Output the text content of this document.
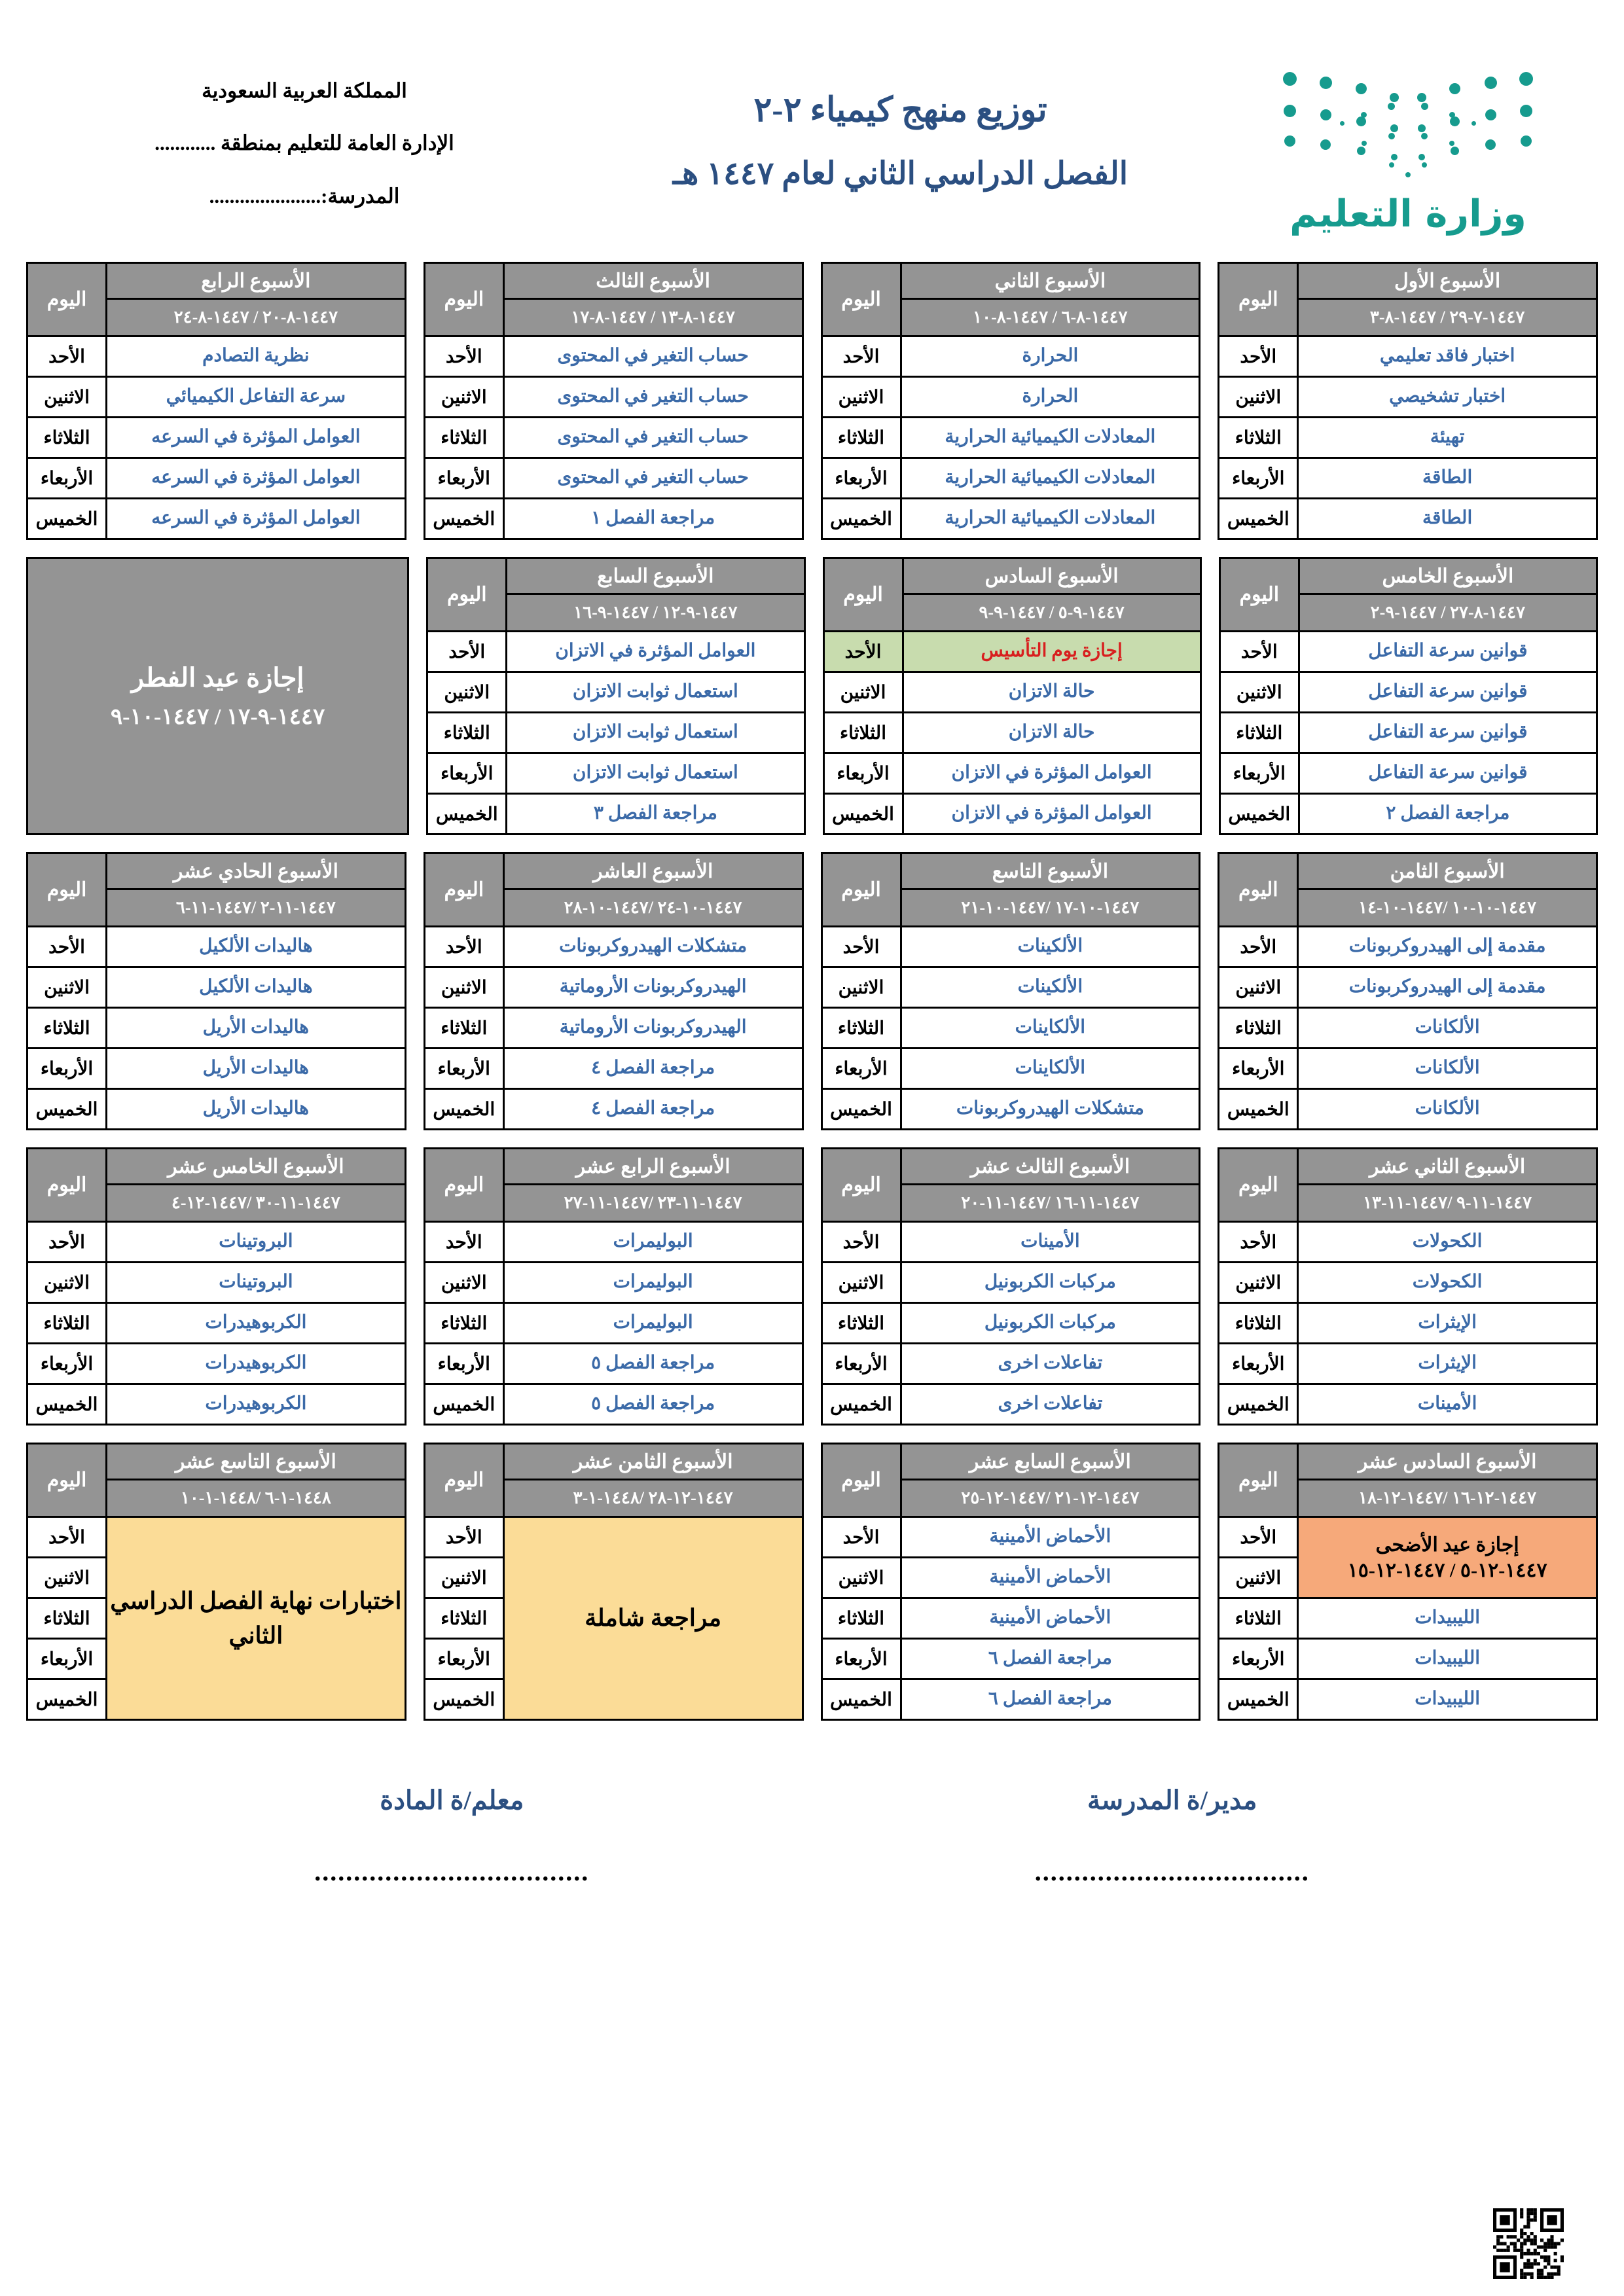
المملكة العربية السعودية
الإدارة العامة للتعليم بمنطقة ............
المدرسة:......................
توزيع منهج كيمياء ٢-٢
الفصل الدراسي الثاني لعام ١٤٤٧ هـ
وزارة التعليم
الأسبوع الأول	اليوم
١٤٤٧-٧-٢٩ / ١٤٤٧-٨-٣	
اختبار فاقد تعليمي	الأحد
اختبار تشخيصي	الاثنين
تهيئة	الثلاثاء
الطاقة	الأربعاء
الطاقة	الخميس
الأسبوع الثاني	اليوم
١٤٤٧-٨-٦ / ١٤٤٧-٨-١٠	
الحرارة	الأحد
الحرارة	الاثنين
المعادلات الكيميائية الحرارية	الثلاثاء
المعادلات الكيميائية الحرارية	الأربعاء
المعادلات الكيميائية الحرارية	الخميس
الأسبوع الثالث	اليوم
١٤٤٧-٨-١٣ / ١٤٤٧-٨-١٧	
حساب التغير في المحتوى	الأحد
حساب التغير في المحتوى	الاثنين
حساب التغير في المحتوى	الثلاثاء
حساب التغير في المحتوى	الأربعاء
مراجعة الفصل ١	الخميس
الأسبوع الرابع	اليوم
١٤٤٧-٨-٢٠ / ١٤٤٧-٨-٢٤	
نظرية التصادم	الأحد
سرعة التفاعل الكيميائي	الاثنين
العوامل المؤثرة في السرعه	الثلاثاء
العوامل المؤثرة في السرعه	الأربعاء
العوامل المؤثرة في السرعه	الخميس
الأسبوع الخامس	اليوم
١٤٤٧-٨-٢٧ / ١٤٤٧-٩-٢	
قوانين سرعة التفاعل	الأحد
قوانين سرعة التفاعل	الاثنين
قوانين سرعة التفاعل	الثلاثاء
قوانين سرعة التفاعل	الأربعاء
مراجعة الفصل ٢	الخميس
الأسبوع السادس	اليوم
١٤٤٧-٩-٥ / ١٤٤٧-٩-٩	
إجازة يوم التأسيس	الأحد
حالة الاتزان	الاثنين
حالة الاتزان	الثلاثاء
العوامل المؤثرة في الاتزان	الأربعاء
العوامل المؤثرة في الاتزان	الخميس
الأسبوع السابع	اليوم
١٤٤٧-٩-١٢ / ١٤٤٧-٩-١٦	
العوامل المؤثرة في الاتزان	الأحد
استعمال ثوابت الاتزان	الاثنين
استعمال ثوابت الاتزان	الثلاثاء
استعمال ثوابت الاتزان	الأربعاء
مراجعة الفصل ٣	الخميس
إجازة عيد الفطر
١٤٤٧-٩-١٧ / ١٤٤٧-١٠-٩
الأسبوع الثامن	اليوم
١٤٤٧-١٠-١٠ /١٤٤٧-١٠-١٤	
مقدمة إلى الهيدروكربونات	الأحد
مقدمة إلى الهيدروكربونات	الاثنين
الألكانات	الثلاثاء
الألكانات	الأربعاء
الألكانات	الخميس
الأسبوع التاسع	اليوم
١٤٤٧-١٠-١٧ /١٤٤٧-١٠-٢١	
الألكينات	الأحد
الألكينات	الاثنين
الألكاينات	الثلاثاء
الألكاينات	الأربعاء
متشكلات الهيدروكربونات	الخميس
الأسبوع العاشر	اليوم
١٤٤٧-١٠-٢٤ /١٤٤٧-١٠-٢٨	
متشكلات الهيدروكربونات	الأحد
الهيدروكربونات الأروماتية	الاثنين
الهيدروكربونات الأروماتية	الثلاثاء
مراجعة الفصل ٤	الأربعاء
مراجعة الفصل ٤	الخميس
الأسبوع الحادي عشر	اليوم
١٤٤٧-١١-٢ /١٤٤٧-١١-٦	
هاليدات الألكيل	الأحد
هاليدات الألكيل	الاثنين
هاليدات الأريل	الثلاثاء
هاليدات الأريل	الأربعاء
هاليدات الأريل	الخميس
الأسبوع الثاني عشر	اليوم
١٤٤٧-١١-٩ /١٤٤٧-١١-١٣	
الكحولات	الأحد
الكحولات	الاثنين
الإيثرات	الثلاثاء
الإيثرات	الأربعاء
الأمينات	الخميس
الأسبوع الثالث عشر	اليوم
١٤٤٧-١١-١٦ /١٤٤٧-١١-٢٠	
الأمينات	الأحد
مركبات الكربونيل	الاثنين
مركبات الكربونيل	الثلاثاء
تفاعلات اخرى	الأربعاء
تفاعلات اخرى	الخميس
الأسبوع الرابع عشر	اليوم
١٤٤٧-١١-٢٣ /١٤٤٧-١١-٢٧	
البوليمرات	الأحد
البوليمرات	الاثنين
البوليمرات	الثلاثاء
مراجعة الفصل ٥	الأربعاء
مراجعة الفصل ٥	الخميس
الأسبوع الخامس عشر	اليوم
١٤٤٧-١١-٣٠ /١٤٤٧-١٢-٤	
البروتينات	الأحد
البروتينات	الاثنين
الكربوهيدرات	الثلاثاء
الكربوهيدرات	الأربعاء
الكربوهيدرات	الخميس
الأسبوع السادس عشر	اليوم
١٤٤٧-١٢-١٦ /١٤٤٧-١٢-١٨	
إجازة عيد الأضحى
١٤٤٧-١٢-٥ / ١٤٤٧-١٢-١٥	الأحد
	الاثنين
الليبيدات	الثلاثاء
الليبيدات	الأربعاء
الليبيدات	الخميس
الأسبوع السابع عشر	اليوم
١٤٤٧-١٢-٢١ /١٤٤٧-١٢-٢٥	
الأحماض الأمينية	الأحد
الأحماض الأمينية	الاثنين
الأحماض الأمينية	الثلاثاء
مراجعة الفصل ٦	الأربعاء
مراجعة الفصل ٦	الخميس
الأسبوع الثامن عشر	اليوم
١٤٤٧-١٢-٢٨ /١٤٤٨-١-٣	
مراجعة شاملة	الأحد
	الاثنين
	الثلاثاء
	الأربعاء
	الخميس
الأسبوع التاسع عشر	اليوم
١٤٤٨-١-٦ /١٤٤٨-١-١٠	
اختبارات نهاية الفصل الدراسي الثاني	الأحد
	الاثنين
	الثلاثاء
	الأربعاء
	الخميس
معلم/ة المادة
...................................
مدير/ة المدرسة
...................................
